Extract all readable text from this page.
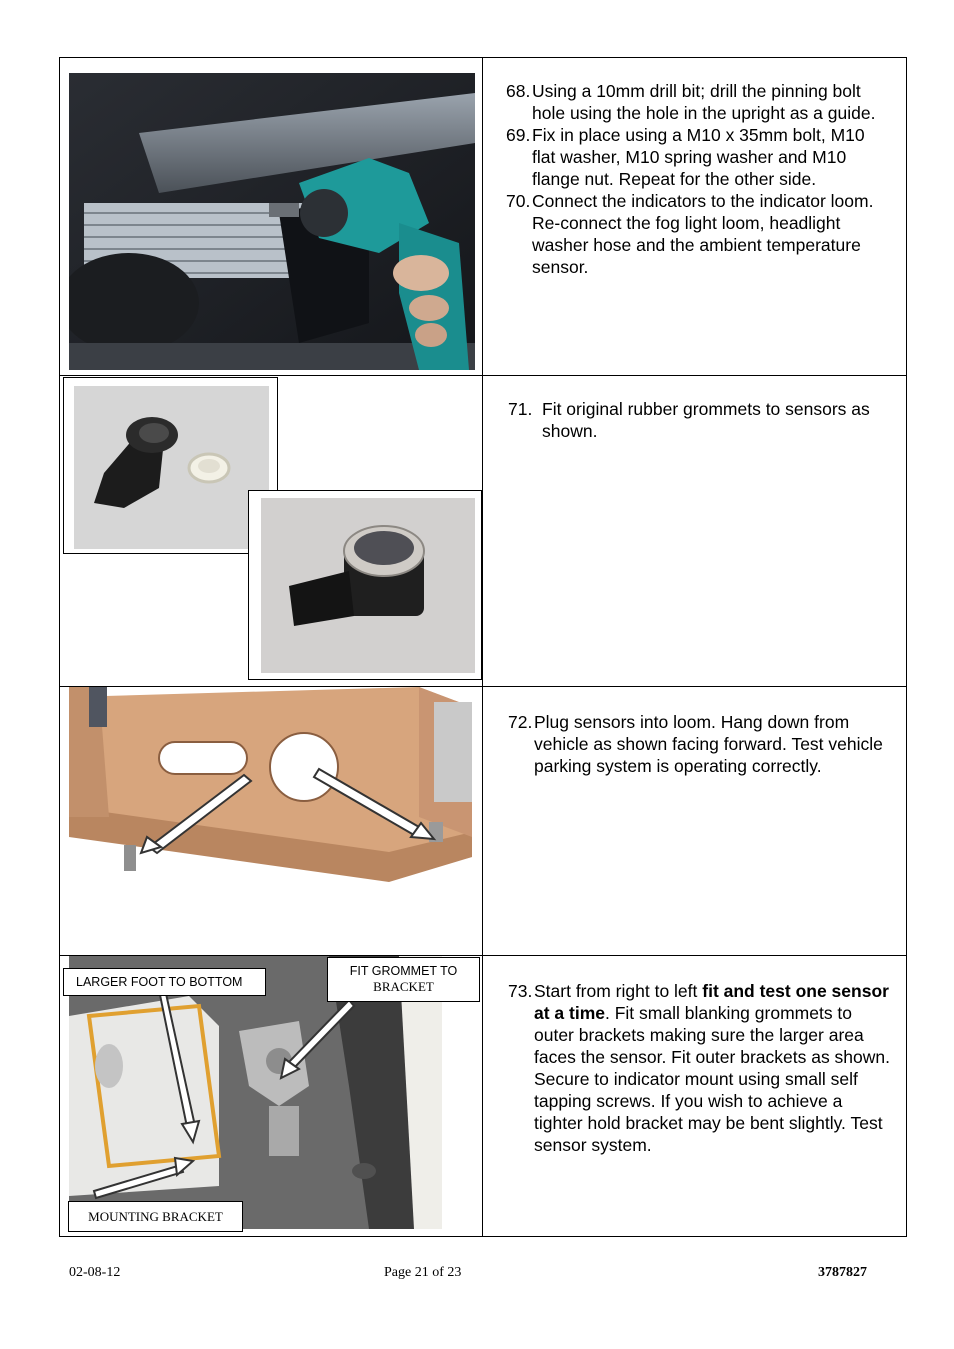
68. Using a 10mm drill bit; drill the pinning bolt hole using the hole in the upright as a guide.
69. Fix in place using a M10 x 35mm bolt, M10 flat washer, M10 spring washer and M10 flange nut. Repeat for the other side.
70. Connect the indicators to the indicator loom. Re-connect the fog light loom, headlight washer hose and the ambient temperature sensor.
71. Fit original rubber grommets to sensors as shown.
72. Plug sensors into loom. Hang down from vehicle as shown facing forward. Test vehicle parking system is operating correctly.
LARGER FOOT TO BOTTOM
FIT GROMMET TO
BRACKET
MOUNTING BRACKET
73. Start from right to left fit and test one sensor at a time. Fit small blanking grommets to outer brackets making sure the larger area faces the sensor. Fit outer brackets as shown. Secure to indicator mount using small self tapping screws. If you wish to achieve a tighter hold bracket may be bent slightly. Test sensor system.
02-08-12	Page 21 of 23	3787827
